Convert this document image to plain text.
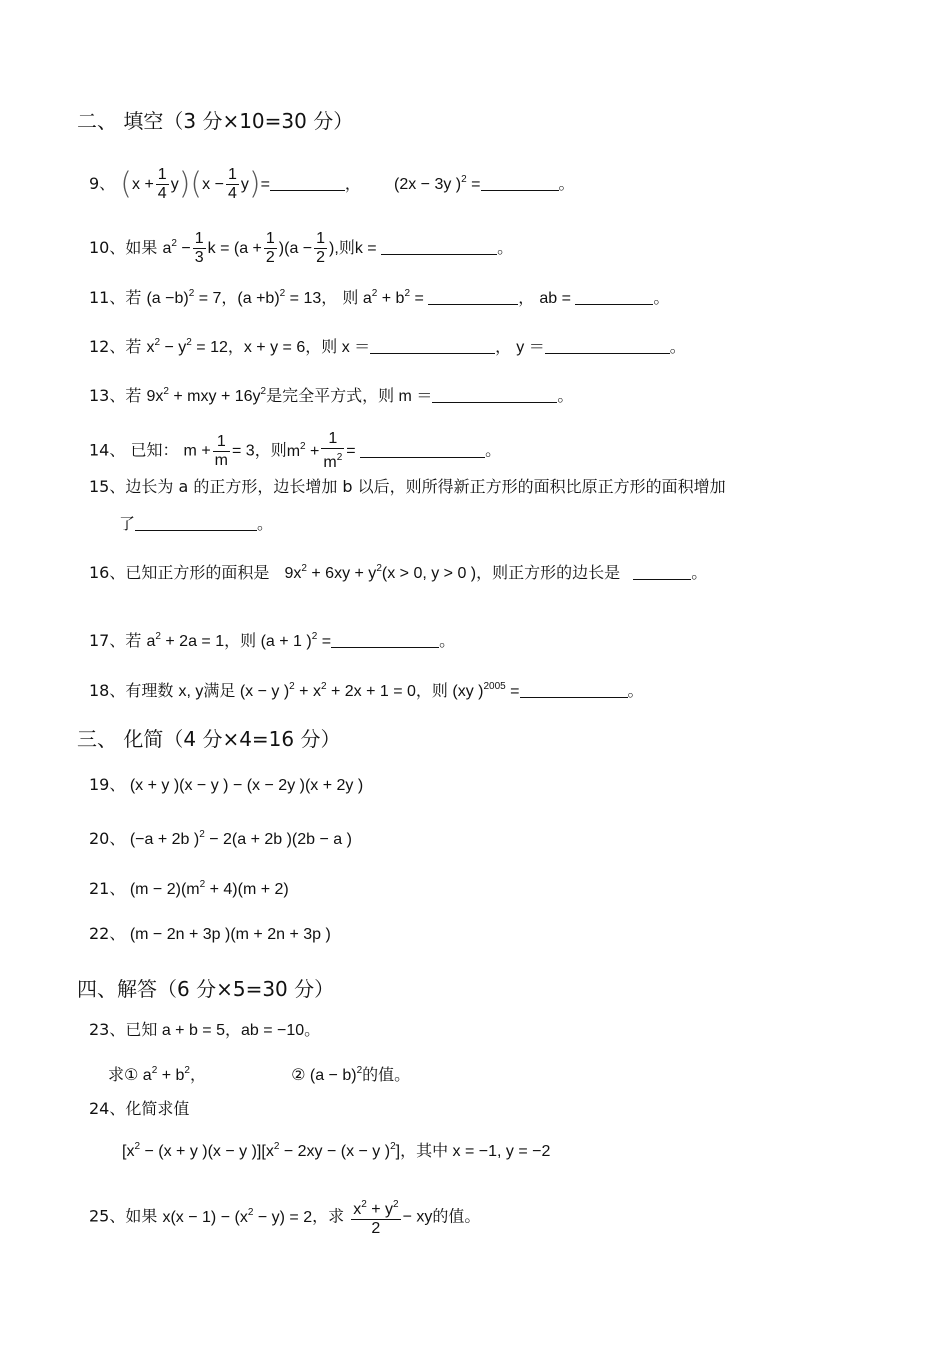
二、 填空（3 分×10=30 分）
9、 $(x + \frac{1}{4} y)(x - \frac{1}{4} y)=$	， (2x − 3y )$^2$ =	。
10、如果 $a^2 - \frac{1}{3}$ $k = (a + \frac{1}{2} )(a - \frac{1}{2}$ ),则k =	。
11、若 $(a -b)^2 = 7$，$(a +b)^2 = 13$， 则 $a^2 + b^2$ =	， ab =	。
12、若 $x^2 - y^2 = 12$，x + y = 6，则 x ＝	， y ＝	。
13、若 $9x^2$ + mxy + $16y^2$是完全平方式，则 m ＝	。
14、 已知： $m + \frac{1}{m} = 3$，则$m^2 + \frac{1}{m^2}$ =	。
15、边长为 a 的正方形，边长增加 b 以后，则所得新正方形的面积比原正方形的面积增加
了	。
16、已知正方形的面积是 $9x^2 + 6xy + y^2(x > 0$, y > 0 )，则正方形的边长是	。
17、若 $a^2 + 2a = 1$，则 (a + 1 )$^2$ =	。
18、有理数 x, y满足 (x − y )$^2 + x^2 + 2x + 1 = 0$，则 (xy )$^{2005}$ =	。
三、 化简（4 分×4=16 分）
19、 (x + y )(x − y ) − (x − 2y )(x + 2y )
20、 (−a + 2b )$^2$ − 2(a + 2b )(2b − a )
21、 $(m - 2)(m^2 + 4)(m + 2)$
22、 (m − 2n + 3p )(m + 2n + 3p )
四、解答（6 分×5=30 分）
23、已知 a + b = 5，ab = −10。
求① $a^2 + b^2$，	② $(a - b)^2$的值。
24、化简求值
[$x^2 - (x + y$ )(x − y )][$x^2 - 2xy - (x - y$ )$^2$]，其中 x = −1, y = −2
25、如果 $x(x - 1) - (x^2 - y) = 2$，求 $\frac{x^2 + y^2}{2}$ − xy的值。
